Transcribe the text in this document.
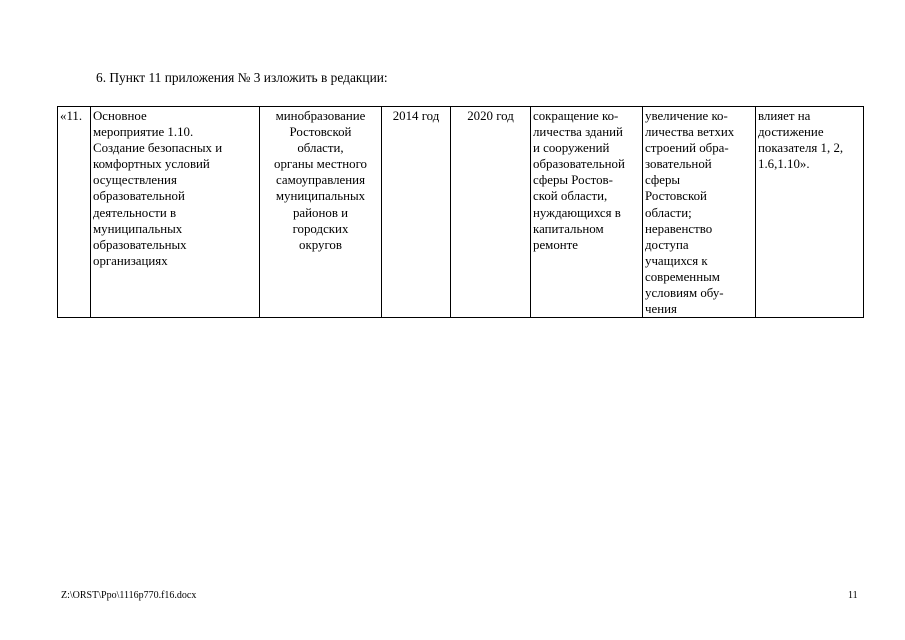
6. Пункт 11 приложения № 3 изложить в редакции:
«11.	Основное
мероприятие 1.10.
Создание безопасных и
комфортных условий
осуществления
образовательной
деятельности в
муниципальных
образовательных
организациях	минобразование
Ростовской
области,
органы местного
самоуправления
муниципальных
районов и
городских
округов	2014 год	2020 год	сокращение ко-
личества зданий
и сооружений
образовательной
сферы Ростов-
ской области,
нуждающихся в
капитальном
ремонте	увеличение ко-
личества ветхих
строений обра-
зовательной
сферы
Ростовской
области;
неравенство
доступа
учащихся к
современным
условиям обу-
чения	влияет на
достижение
показателя 1, 2,
1.6,1.10».
Z:\ORST\Ppo\1116p770.f16.docx	11
